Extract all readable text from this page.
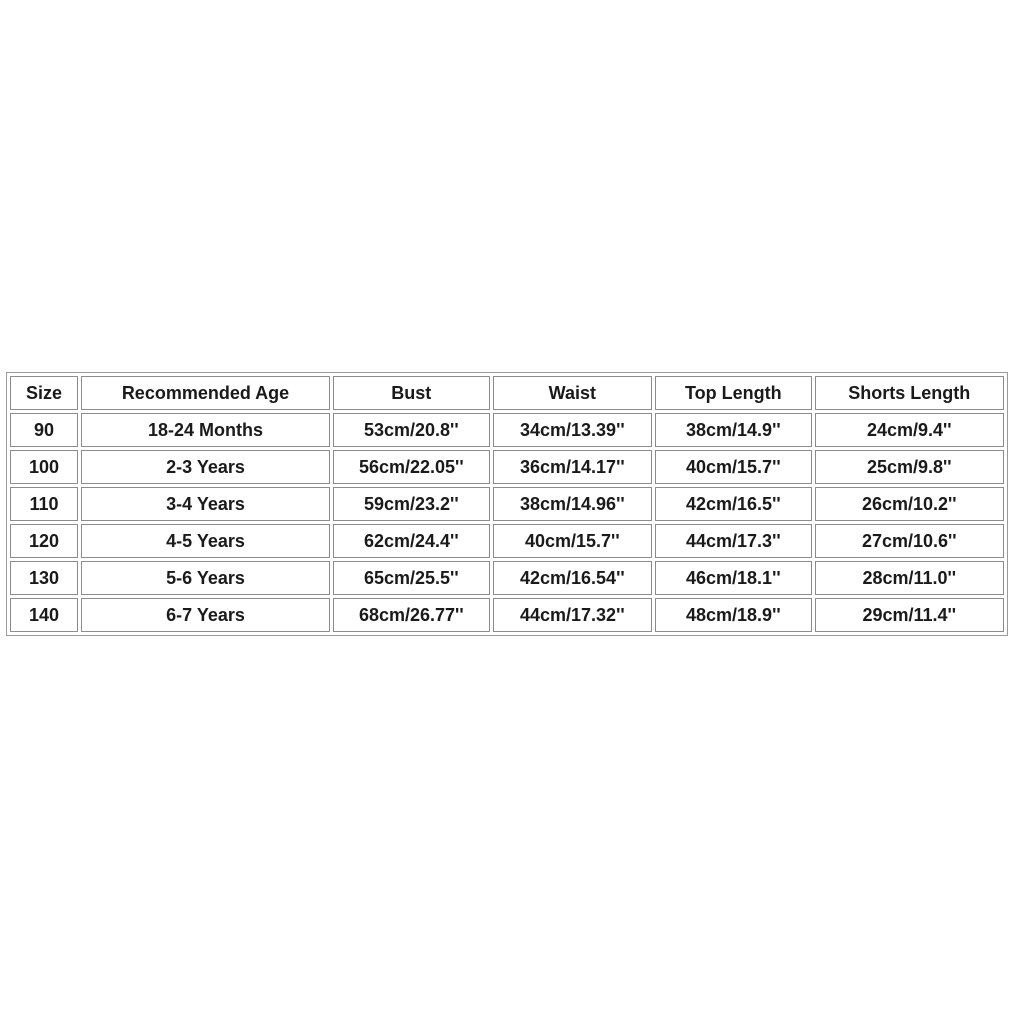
Size	Recommended Age	Bust	Waist	Top Length	Shorts Length
90	18-24 Months	53cm/20.8''	34cm/13.39''	38cm/14.9''	24cm/9.4''
100	2-3 Years	56cm/22.05''	36cm/14.17''	40cm/15.7''	25cm/9.8''
110	3-4 Years	59cm/23.2''	38cm/14.96''	42cm/16.5''	26cm/10.2''
120	4-5 Years	62cm/24.4''	40cm/15.7''	44cm/17.3''	27cm/10.6''
130	5-6 Years	65cm/25.5''	42cm/16.54''	46cm/18.1''	28cm/11.0''
140	6-7 Years	68cm/26.77''	44cm/17.32''	48cm/18.9''	29cm/11.4''
